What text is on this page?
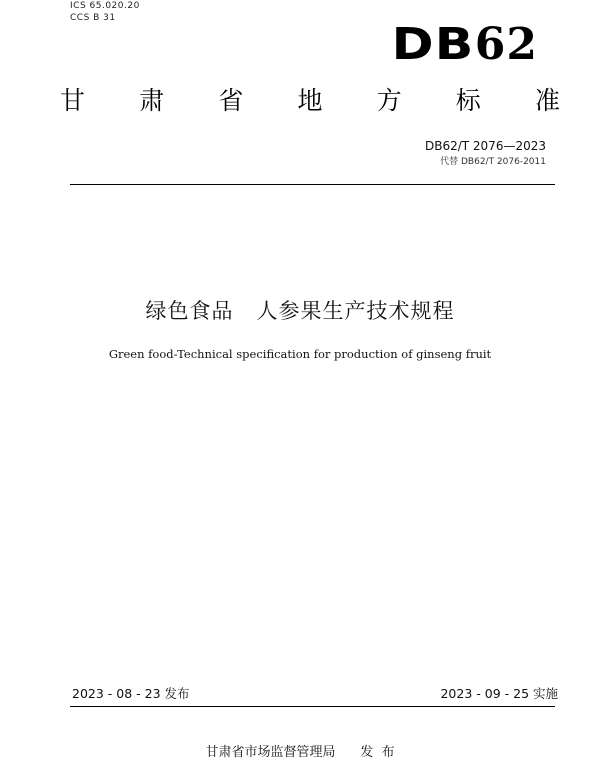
ICS 65.020.20
CCS B 31
DB62
甘 肃 省 地 方 标 准
DB62/T 2076—2023
代替 DB62/T 2076-2011
绿色食品   人参果生产技术规程
Green food-Technical specification for production of ginseng fruit
2023 - 08 - 23 发布	2023 - 09 - 25 实施
甘肃省市场监督管理局      发  布
